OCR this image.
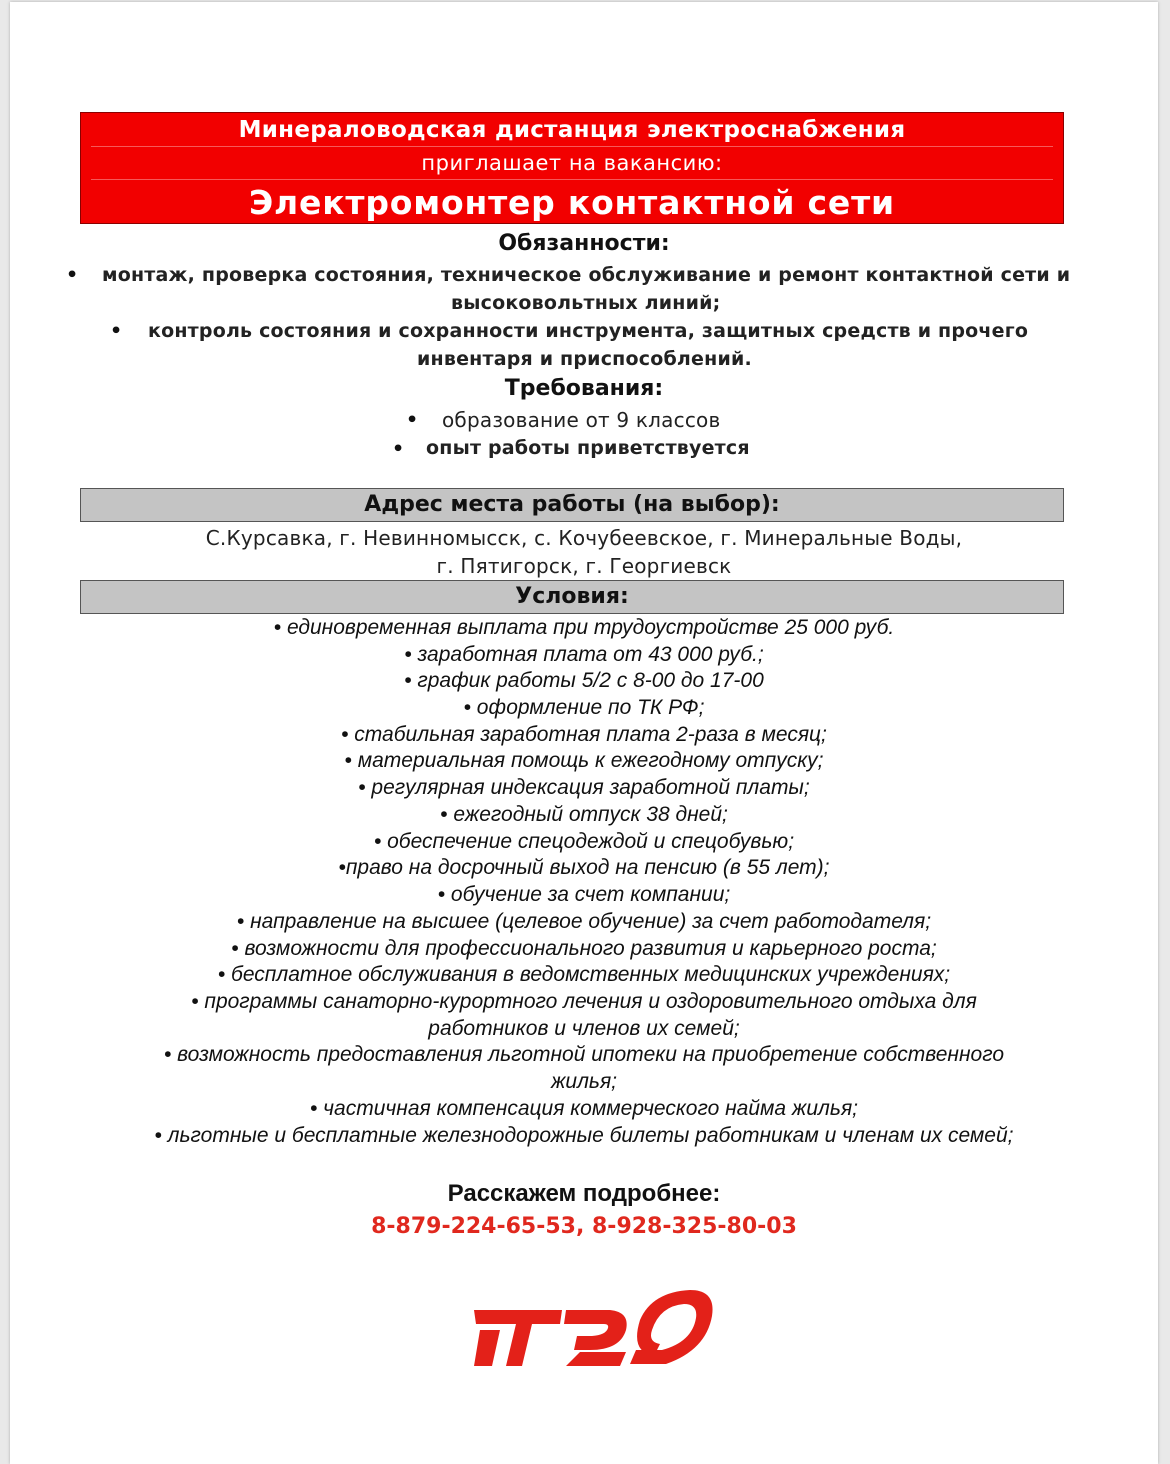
Минераловодская дистанция электроснабжения
приглашает на вакансию:
Электромонтер контактной сети
Обязанности:
• монтаж, проверка состояния, техническое обслуживание и ремонт контактной сети и
высоковольтных линий;
• контроль состояния и сохранности инструмента, защитных средств и прочего
инвентаря и приспособлений.
Требования:
• образование от 9 классов
• опыт работы приветствуется
Адрес места работы (на выбор):
С.Курсавка, г. Невинномысск, с. Кочубеевское, г. Минеральные Воды,
г. Пятигорск, г. Георгиевск
Условия:
• единовременная выплата при трудоустройстве 25 000 руб.
• заработная плата от 43 000 руб.;
• график работы 5/2 с 8-00 до 17-00
• оформление по ТК РФ;
• стабильная заработная плата 2-раза в месяц;
• материальная помощь к ежегодному отпуску;
• регулярная индексация заработной платы;
• ежегодный отпуск 38 дней;
• обеспечение спецодеждой и спецобувью;
•право на досрочный выход на пенсию (в 55 лет);
• обучение за счет компании;
• направление на высшее (целевое обучение) за счет работодателя;
• возможности для профессионального развития и карьерного роста;
• бесплатное обслуживания в ведомственных медицинских учреждениях;
• программы санаторно-курортного лечения и оздоровительного отдыха для
работников и членов их семей;
• возможность предоставления льготной ипотеки на приобретение собственного
жилья;
• частичная компенсация коммерческого найма жилья;
• льготные и бесплатные железнодорожные билеты работникам и членам их семей;
Расскажем подробнее:
8-879-224-65-53, 8-928-325-80-03
